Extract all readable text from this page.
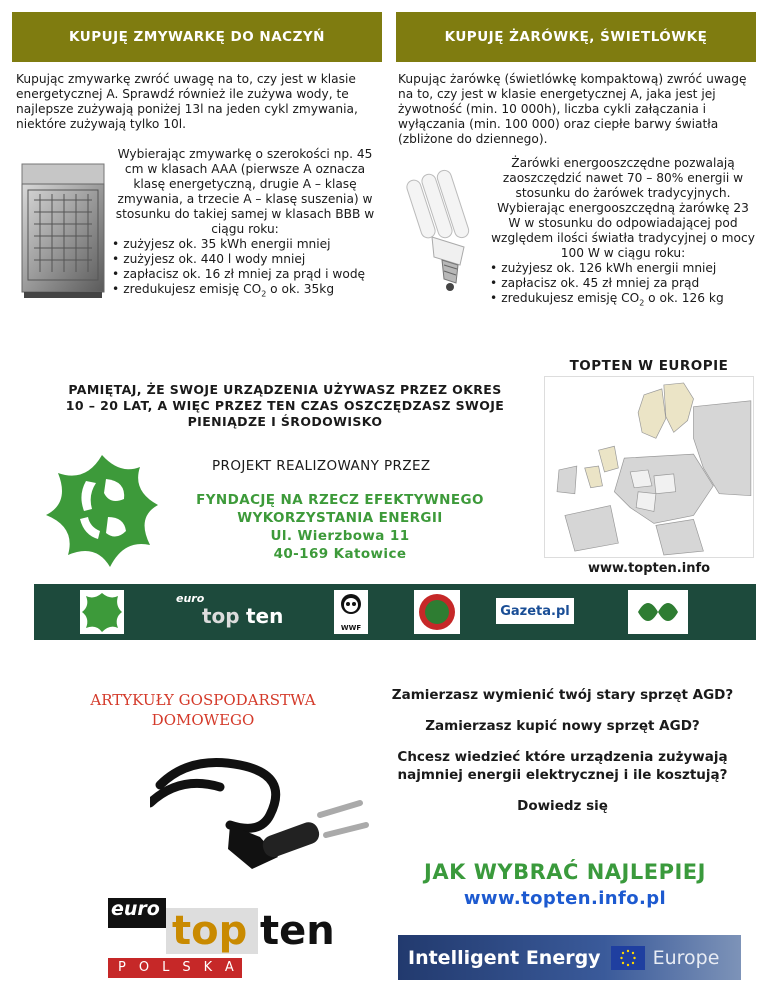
KUPUJĘ ZMYWARKĘ DO NACZYŃ
Kupując zmywarkę zwróć uwagę na to, czy jest w klasie energetycznej A. Sprawdź również ile zużywa wody, te najlepsze zużywają poniżej 13l na jeden cykl zmywania, niektóre zużywają tylko 10l.
Wybierając zmywarkę o szerokości np. 45 cm w klasach AAA (pierwsze A oznacza klasę energetyczną, drugie A – klasę zmywania, a trzecie A – klasę suszenia) w stosunku do takiej samej w klasach BBB w ciągu roku:
• zużyjesz ok. 35 kWh energii mniej
• zużyjesz ok. 440 l wody mniej
• zapłacisz ok. 16 zł mniej za prąd i wodę
• zredukujesz emisję $CO_2$ o ok. 35kg
KUPUJĘ ŻARÓWKĘ, ŚWIETLÓWKĘ
Kupując żarówkę (świetlówkę kompaktową) zwróć uwagę na to, czy jest w klasie energetycznej A, jaka jest jej żywotność (min. 10 000h), liczba cykli załączania i wyłączania (min. 100 000) oraz ciepłe barwy światła (zbliżone do dziennego).
Żarówki energooszczędne pozwalają zaoszczędzić nawet 70 – 80% energii w stosunku do żarówek tradycyjnych.
Wybierając energooszczędną żarówkę 23 W w stosunku do odpowiadającej pod względem ilości światła tradycyjnej o mocy 100 W w ciągu roku:
• zużyjesz ok. 126 kWh energii mniej
• zapłacisz ok. 45 zł mniej za prąd
• zredukujesz emisję $CO_2$ o ok. 126 kg
PAMIĘTAJ, ŻE SWOJE URZĄDZENIA UŻYWASZ PRZEZ OKRES 10 – 20 LAT, A WIĘC PRZEZ TEN CZAS OSZCZĘDZASZ SWOJE PIENIĄDZE I ŚRODOWISKO
TOPTEN W EUROPIE
www.topten.info
PROJEKT REALIZOWANY PRZEZ
FYNDACJĘ NA RZECZ EFEKTYWNEGO
WYKORZYSTANIA ENERGII
Ul. Wierzbowa 11
40-169 Katowice
euro
top ten	WWF
Gazeta.pl
ARTYKUŁY GOSPODARSTWA
DOMOWEGO
Zamierzasz wymienić twój stary sprzęt AGD?
Zamierzasz kupić nowy sprzęt AGD?
Chcesz wiedzieć które urządzenia zużywają najmniej energii elektrycznej i ile kosztują?
Dowiedz się
JAK WYBRAĆ NAJLEPIEJ
www.topten.info.pl
euro top ten
POLSKA	Intelligent Energy	Europe
